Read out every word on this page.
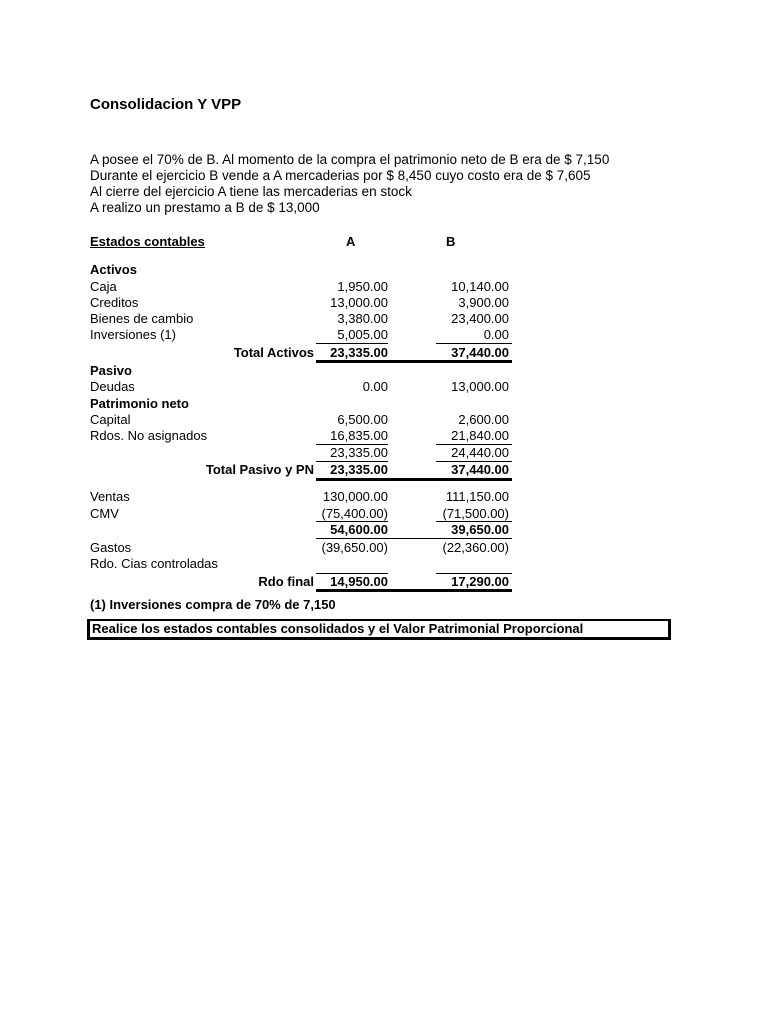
Consolidacion Y VPP
A posee el 70% de B. Al momento de la compra el patrimonio neto de B era de $ 7,150
Durante el ejercicio B vende a A mercaderias por $ 8,450 cuyo costo era de $ 7,605
Al cierre del ejercicio A tiene las mercaderias en stock
A realizo un prestamo a B de $ 13,000
Estados contables	A	B
Activos
Caja	1,950.00	10,140.00
Creditos	13,000.00	3,900.00
Bienes de cambio	3,380.00	23,400.00
Inversiones (1)	5,005.00	0.00
Total Activos	23,335.00	37,440.00
Pasivo
Deudas	0.00	13,000.00
Patrimonio neto
Capital	6,500.00	2,600.00
Rdos. No asignados	16,835.00	21,840.00
23,335.00	24,440.00
Total Pasivo y PN	23,335.00	37,440.00
Ventas	130,000.00	111,150.00
CMV	(75,400.00)	(71,500.00)
54,600.00	39,650.00
Gastos	(39,650.00)	(22,360.00)
Rdo. Cias controladas
Rdo final	14,950.00	17,290.00
(1) Inversiones compra de 70% de 7,150
Realice los estados contables consolidados y el Valor Patrimonial Proporcional
